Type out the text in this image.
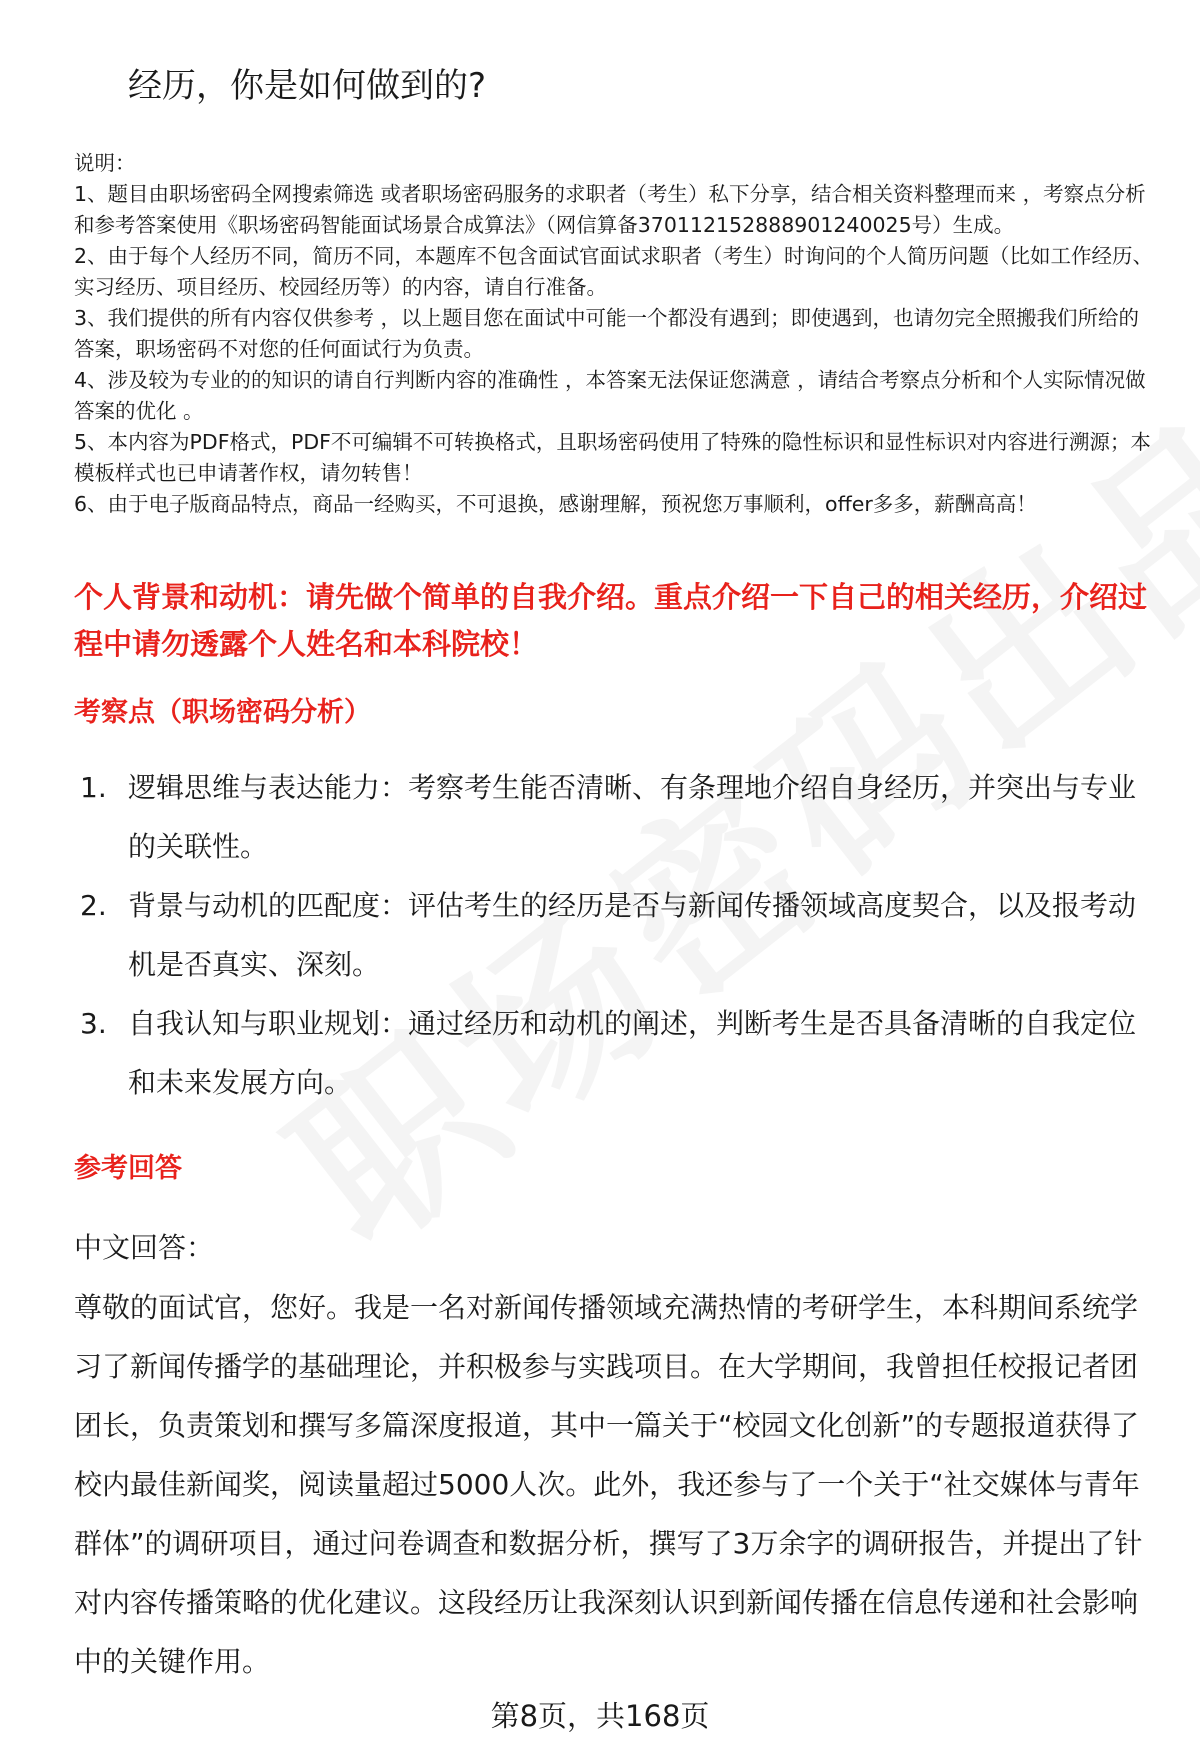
经历，你是如何做到的?

说明：

1、题目由职场密码全网搜索筛选 或者职场密码服务的求职者（考生）私下分享，结合相关资料整理而来 ，考察点分析和参考答案使用《职场密码智能面试场景合成算法》（网信算备370112152888901240025号）生成。

2、由于每个人经历不同，简历不同，本题库不包含面试官面试求职者（考生）时询问的个人简历问题（比如工作经历、实习经历、项目经历、校园经历等）的内容，请自行准备。

3、我们提供的所有内容仅供参考 ，以上题目您在面试中可能一个都没有遇到；即使遇到，也请勿完全照搬我们所给的答案，职场密码不对您的任何面试行为负责。

4、涉及较为专业的的知识的请自行判断内容的准确性 ，本答案无法保证您满意 ，请结合考察点分析和个人实际情况做答案的优化 。

5、本内容为PDF格式，PDF不可编辑不可转换格式，且职场密码使用了特殊的隐性标识和显性标识对内容进行溯源；本模板样式也已申请著作权，请勿转售！

6、由于电子版商品特点，商品一经购买，不可退换，感谢理解，预祝您万事顺利，offer多多，薪酬高高！

个人背景和动机：请先做个简单的自我介绍。重点介绍一下自己的相关经历，介绍过程中请勿透露个人姓名和本科院校！
考察点（职场密码分析）
1. 逻辑思维与表达能力：考察考生能否清晰、有条理地介绍自身经历，并突出与专业的关联性。
2. 背景与动机的匹配度：评估考生的经历是否与新闻传播领域高度契合，以及报考动机是否真实、深刻。
3. 自我认知与职业规划：通过经历和动机的阐述，判断考生是否具备清晰的自我定位和未来发展方向。
参考回答

中文回答：

尊敬的面试官，您好。我是一名对新闻传播领域充满热情的考研学生，本科期间系统学习了新闻传播学的基础理论，并积极参与实践项目。在大学期间，我曾担任校报记者团团长，负责策划和撰写多篇深度报道，其中一篇关于“校园文化创新”的专题报道获得了校内最佳新闻奖，阅读量超过5000人次。此外，我还参与了一个关于“社交媒体与青年群体”的调研项目，通过问卷调查和数据分析，撰写了3万余字的调研报告，并提出了针对内容传播策略的优化建议。这段经历让我深刻认识到新闻传播在信息传递和社会影响中的关键作用。

第8页，共168页
